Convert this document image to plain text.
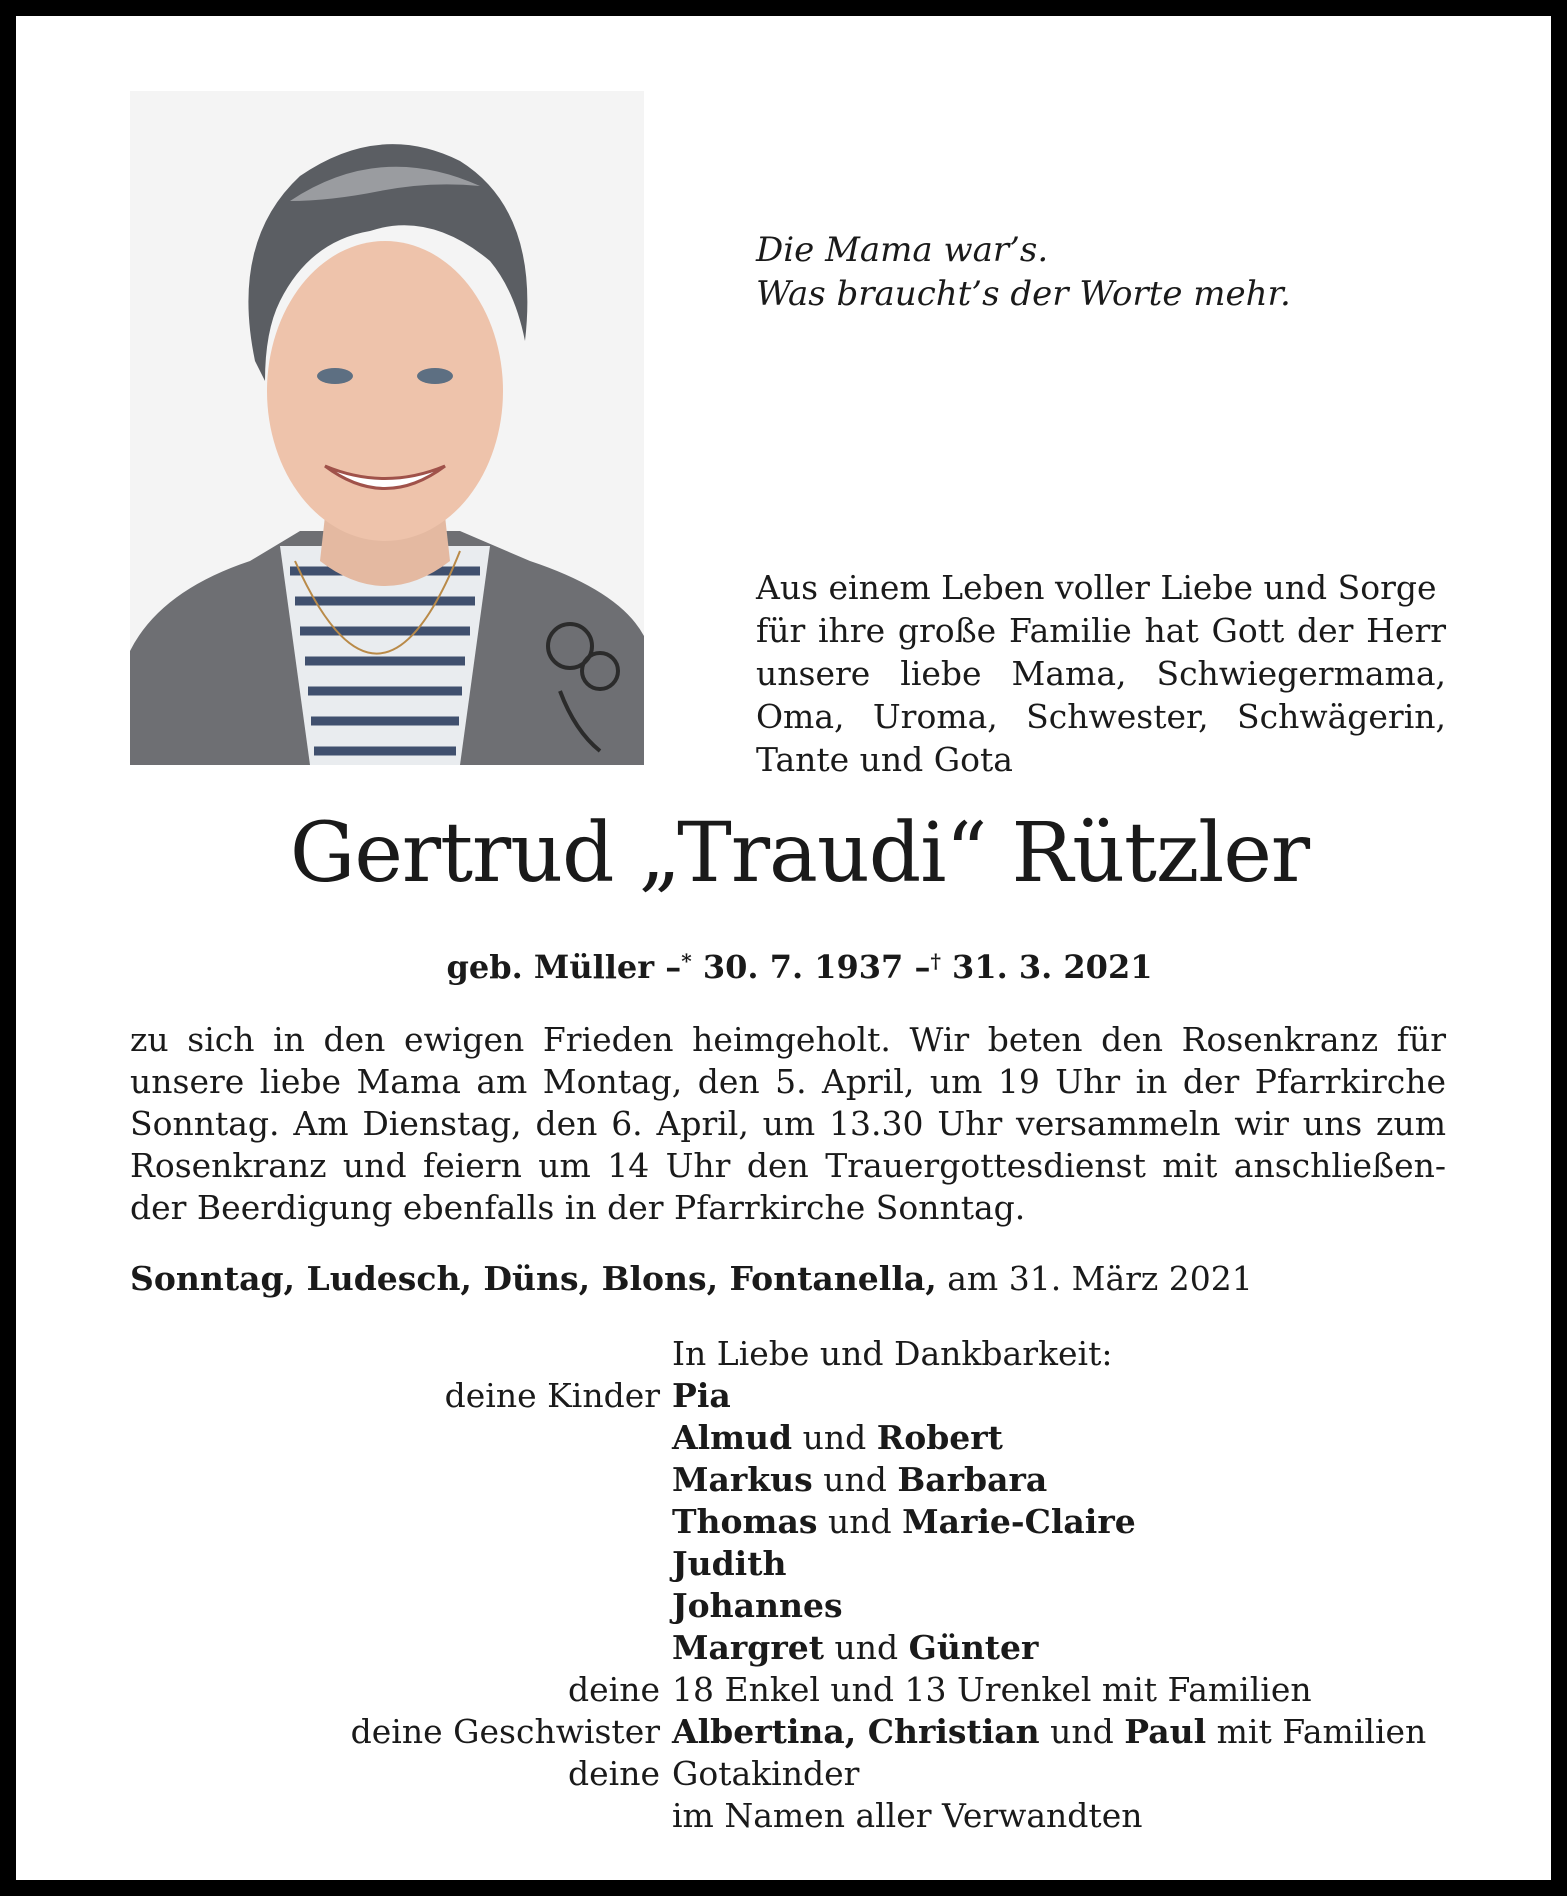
Die Mama war’s.
Was braucht’s der Worte mehr.
Aus einem Leben voller Liebe und Sorge
für ihre große Familie hat Gott der Herr
unsere liebe Mama, Schwiegermama,
Oma, Uroma, Schwester, Schwägerin,
Tante und Gota
Gertrud „Traudi“ Rützler
geb. Müller –* 30. 7. 1937 –† 31. 3. 2021
zu sich in den ewigen Frieden heimgeholt. Wir beten den Rosenkranz für
unsere liebe Mama am Montag, den 5. April, um 19 Uhr in der Pfarrkirche
Sonntag. Am Dienstag, den 6. April, um 13.30 Uhr versammeln wir uns zum
Rosenkranz und feiern um 14 Uhr den Trauergottesdienst mit anschließen-
der Beerdigung ebenfalls in der Pfarrkirche Sonntag.
Sonntag, Ludesch, Düns, Blons, Fontanella, am 31. März 2021
In Liebe und Dankbarkeit:
deine Kinder Pia
Almud und Robert
Markus und Barbara
Thomas und Marie-Claire
Judith
Johannes
Margret und Günter
deine 18 Enkel und 13 Urenkel mit Familien
deine Geschwister Albertina, Christian und Paul mit Familien
deine Gotakinder
im Namen aller Verwandten
